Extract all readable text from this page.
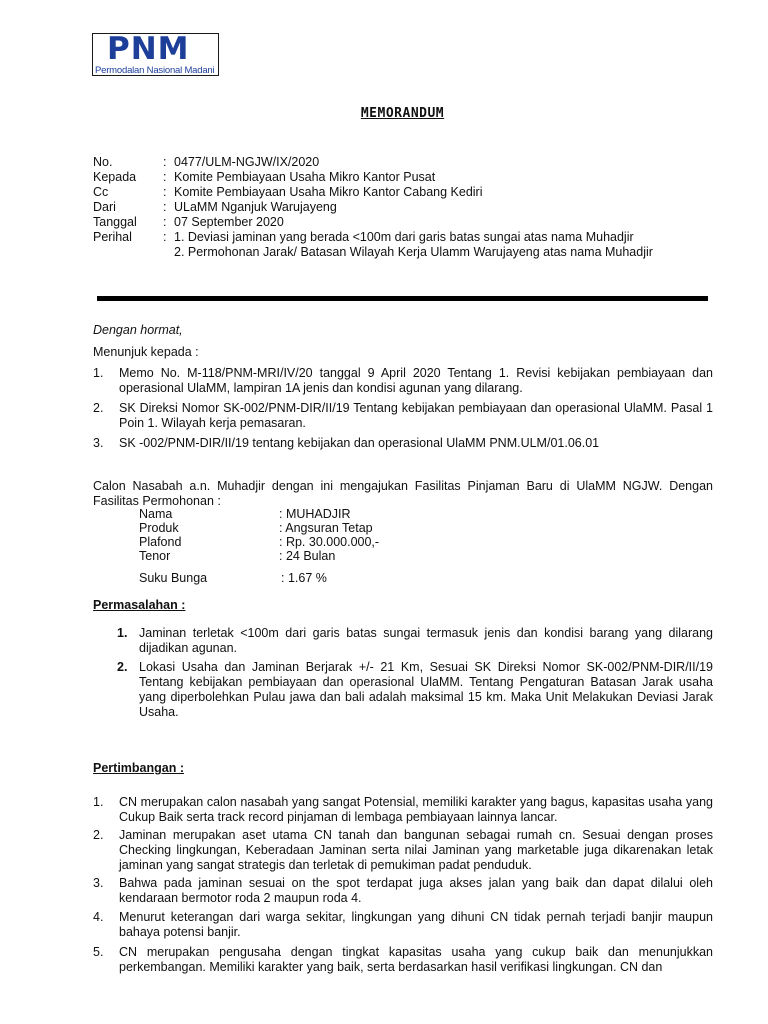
PNM
Permodalan Nasional Madani
MEMORANDUM
No.	: 0477/ULM-NGJW/IX/2020
Kepada	: Komite Pembiayaan Usaha Mikro Kantor Pusat
Cc	: Komite Pembiayaan Usaha Mikro Kantor Cabang Kediri
Dari	: ULaMM Nganjuk Warujayeng
Tanggal	: 07 September 2020
Perihal	: 1. Deviasi jaminan yang berada <100m dari garis batas sungai atas nama Muhadjir
2. Permohonan Jarak/ Batasan Wilayah Kerja Ulamm Warujayeng atas nama Muhadjir
Dengan hormat,
Menunjuk kepada :
1.	Memo No. M-118/PNM-MRI/IV/20 tanggal 9 April 2020 Tentang 1. Revisi kebijakan pembiayaan dan operasional UlaMM, lampiran 1A jenis dan kondisi agunan yang dilarang.
2.	SK Direksi Nomor SK-002/PNM-DIR/II/19 Tentang kebijakan pembiayaan dan operasional UlaMM. Pasal 1 Poin 1. Wilayah kerja pemasaran.
3.	SK -002/PNM-DIR/II/19 tentang kebijakan dan operasional UlaMM PNM.ULM/01.06.01
Calon Nasabah a.n. Muhadjir dengan ini mengajukan Fasilitas Pinjaman Baru di UlaMM NGJW. Dengan Fasilitas Permohonan :
Nama	: MUHADJIR
Produk	: Angsuran Tetap
Plafond	: Rp. 30.000.000,-
Tenor	: 24 Bulan
Suku Bunga	: 1.67 %
Permasalahan :
1. Jaminan terletak <100m dari garis batas sungai termasuk jenis dan kondisi barang yang dilarang dijadikan agunan.
2. Lokasi Usaha dan Jaminan Berjarak +/- 21 Km, Sesuai SK Direksi Nomor SK-002/PNM-DIR/II/19 Tentang kebijakan pembiayaan dan operasional UlaMM. Tentang Pengaturan Batasan Jarak usaha yang diperbolehkan Pulau jawa dan bali adalah maksimal 15 km. Maka Unit Melakukan Deviasi Jarak Usaha.
Pertimbangan :
1.	CN merupakan calon nasabah yang sangat Potensial, memiliki karakter yang bagus, kapasitas usaha yang Cukup Baik serta track record pinjaman di lembaga pembiayaan lainnya lancar.
2.	Jaminan merupakan aset utama CN tanah dan bangunan sebagai rumah cn. Sesuai dengan proses Checking lingkungan, Keberadaan Jaminan serta nilai Jaminan yang marketable juga dikarenakan letak jaminan yang sangat strategis dan terletak di pemukiman padat penduduk.
3.	Bahwa pada jaminan sesuai on the spot terdapat juga akses jalan yang baik dan dapat dilalui oleh kendaraan bermotor roda 2 maupun roda 4.
4.	Menurut keterangan dari warga sekitar, lingkungan yang dihuni CN tidak pernah terjadi banjir maupun bahaya potensi banjir.
5.	CN merupakan pengusaha dengan tingkat kapasitas usaha yang cukup baik dan menunjukkan perkembangan. Memiliki karakter yang baik, serta berdasarkan hasil verifikasi lingkungan. CN dan
